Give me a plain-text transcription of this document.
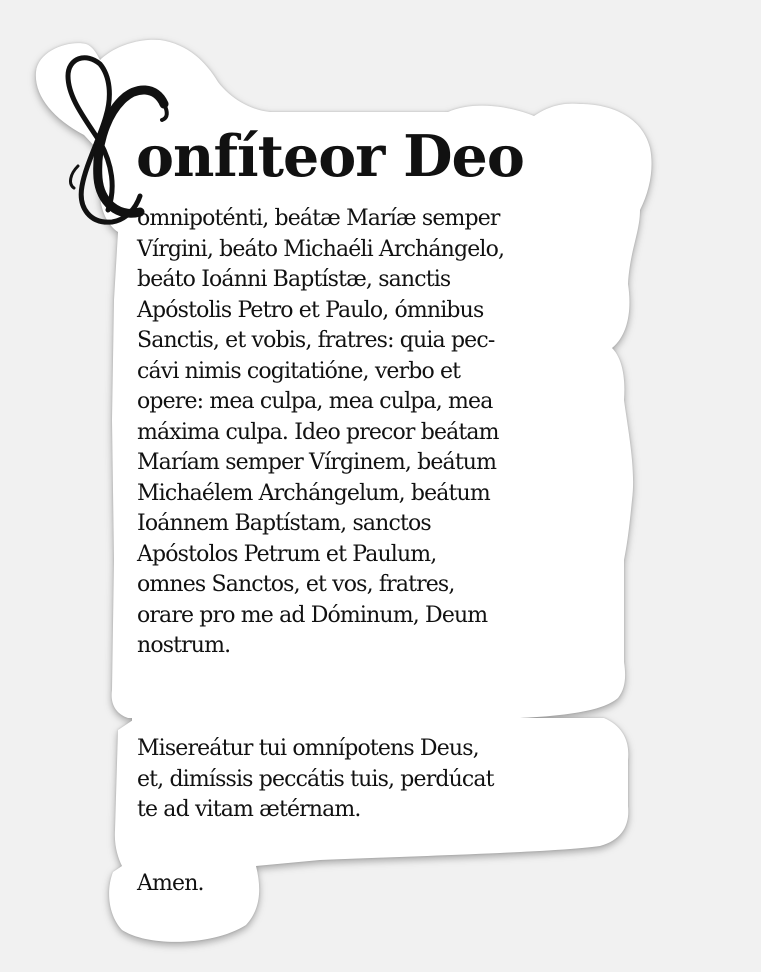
onfíteor Deo

omnipoténti, beátæ Maríæ semper
Vírgini, beáto Michaéli Archángelo,
beáto Ioánni Baptístæ, sanctis
Apóstolis Petro et Paulo, ómnibus
Sanctis, et vobis, fratres: quia pec-
cávi nimis cogitatióne, verbo et
opere: mea culpa, mea culpa, mea
máxima culpa. Ideo precor beátam
Maríam semper Vírginem, beátum
Michaélem Archángelum, beátum
Ioánnem Baptístam, sanctos
Apóstolos Petrum et Paulum,
omnes Sanctos, et vos, fratres,
orare pro me ad Dóminum, Deum
nostrum.

Misereátur tui omnípotens Deus,
et, dimíssis peccátis tuis, perdúcat
te ad vitam ætérnam.

Amen.
